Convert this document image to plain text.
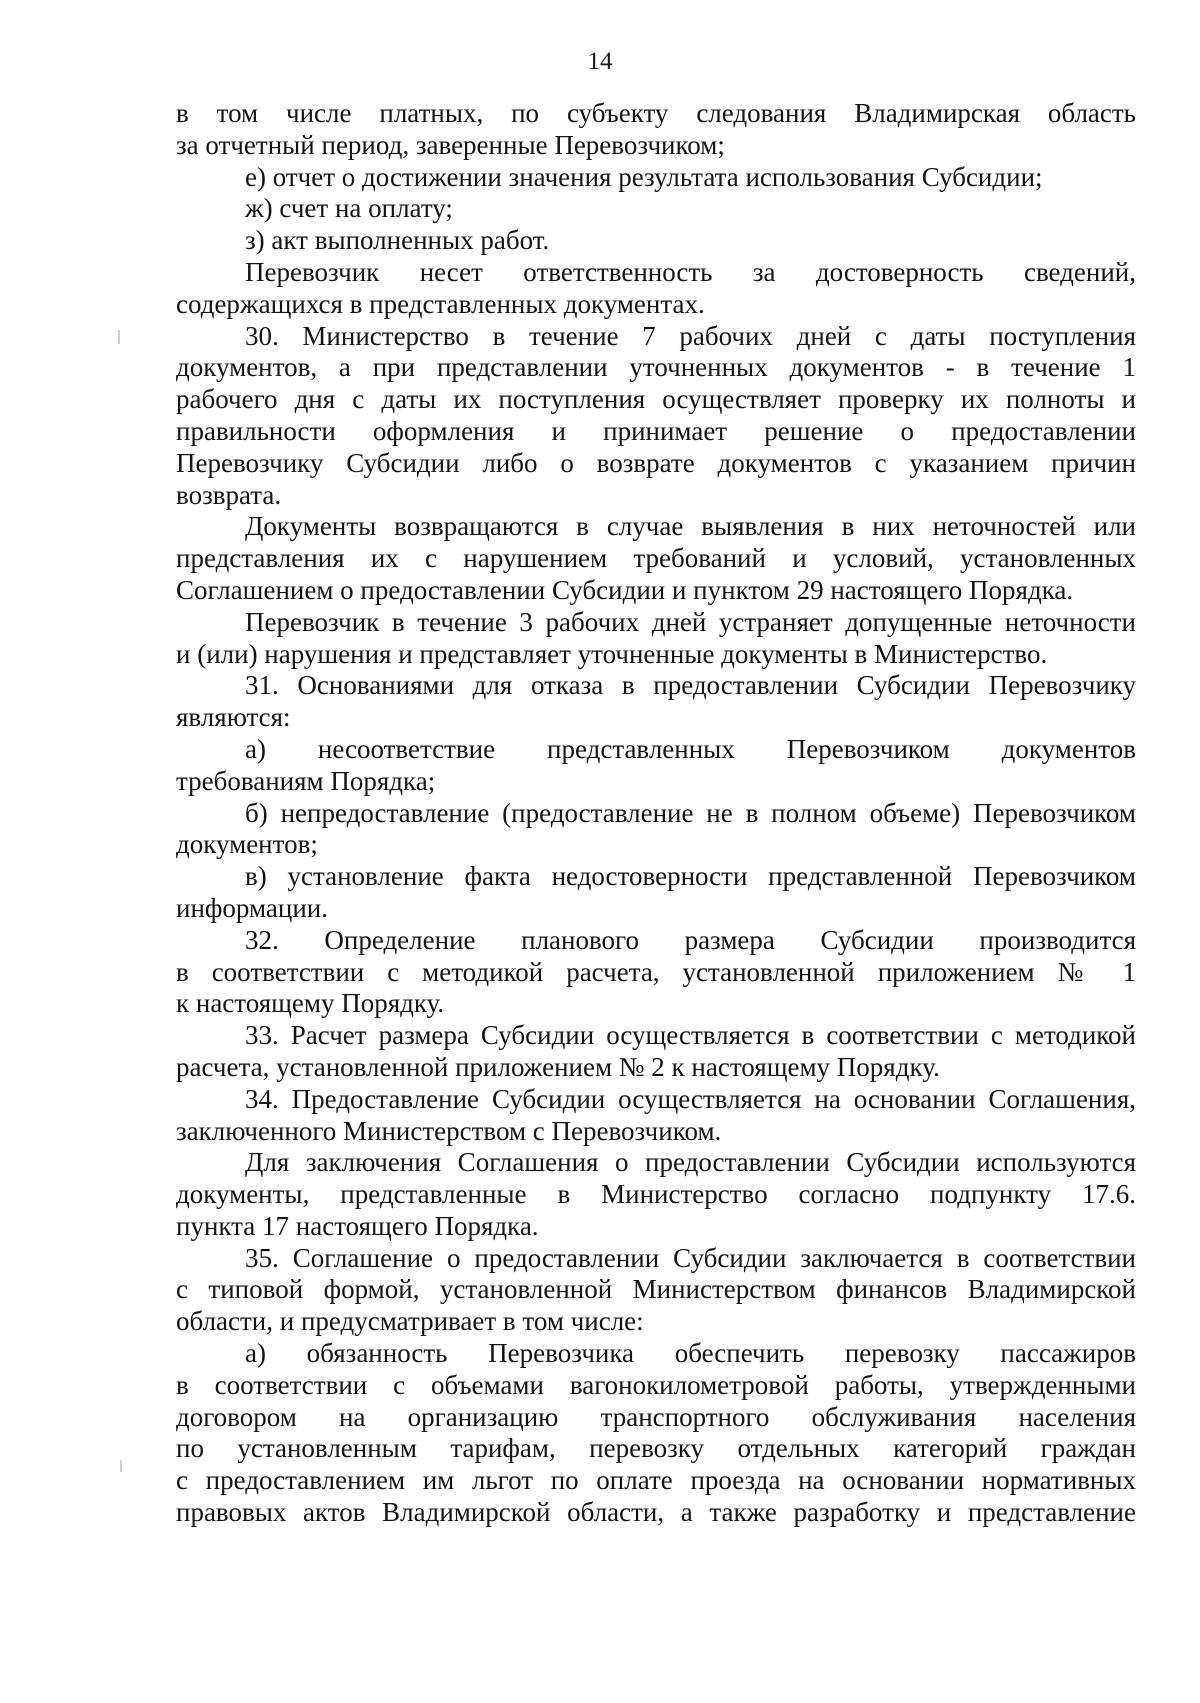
14
в том числе платных, по субъекту следования Владимирская область
за отчетный период, заверенные Перевозчиком;
е) отчет о достижении значения результата использования Субсидии;
ж) счет на оплату;
з) акт выполненных работ.
Перевозчик несет ответственность за достоверность сведений,
содержащихся в представленных документах.
30. Министерство в течение 7 рабочих дней с даты поступления
документов, а при представлении уточненных документов - в течение 1
рабочего дня с даты их поступления осуществляет проверку их полноты и
правильности оформления и принимает решение о предоставлении
Перевозчику Субсидии либо о возврате документов с указанием причин
возврата.
Документы возвращаются в случае выявления в них неточностей или
представления их с нарушением требований и условий, установленных
Соглашением о предоставлении Субсидии и пунктом 29 настоящего Порядка.
Перевозчик в течение 3 рабочих дней устраняет допущенные неточности
и (или) нарушения и представляет уточненные документы в Министерство.
31. Основаниями для отказа в предоставлении Субсидии Перевозчику
являются:
а) несоответствие представленных Перевозчиком документов
требованиям Порядка;
б) непредоставление (предоставление не в полном объеме) Перевозчиком
документов;
в) установление факта недостоверности представленной Перевозчиком
информации.
32. Определение планового размера Субсидии производится
в соответствии с методикой расчета, установленной приложением № 1
к настоящему Порядку.
33. Расчет размера Субсидии осуществляется в соответствии с методикой
расчета, установленной приложением № 2 к настоящему Порядку.
34. Предоставление Субсидии осуществляется на основании Соглашения,
заключенного Министерством с Перевозчиком.
Для заключения Соглашения о предоставлении Субсидии используются
документы, представленные в Министерство согласно подпункту 17.6.
пункта 17 настоящего Порядка.
35. Соглашение о предоставлении Субсидии заключается в соответствии
с типовой формой, установленной Министерством финансов Владимирской
области, и предусматривает в том числе:
а) обязанность Перевозчика обеспечить перевозку пассажиров
в соответствии с объемами вагонокилометровой работы, утвержденными
договором на организацию транспортного обслуживания населения
по установленным тарифам, перевозку отдельных категорий граждан
с предоставлением им льгот по оплате проезда на основании нормативных
правовых актов Владимирской области, а также разработку и представление
